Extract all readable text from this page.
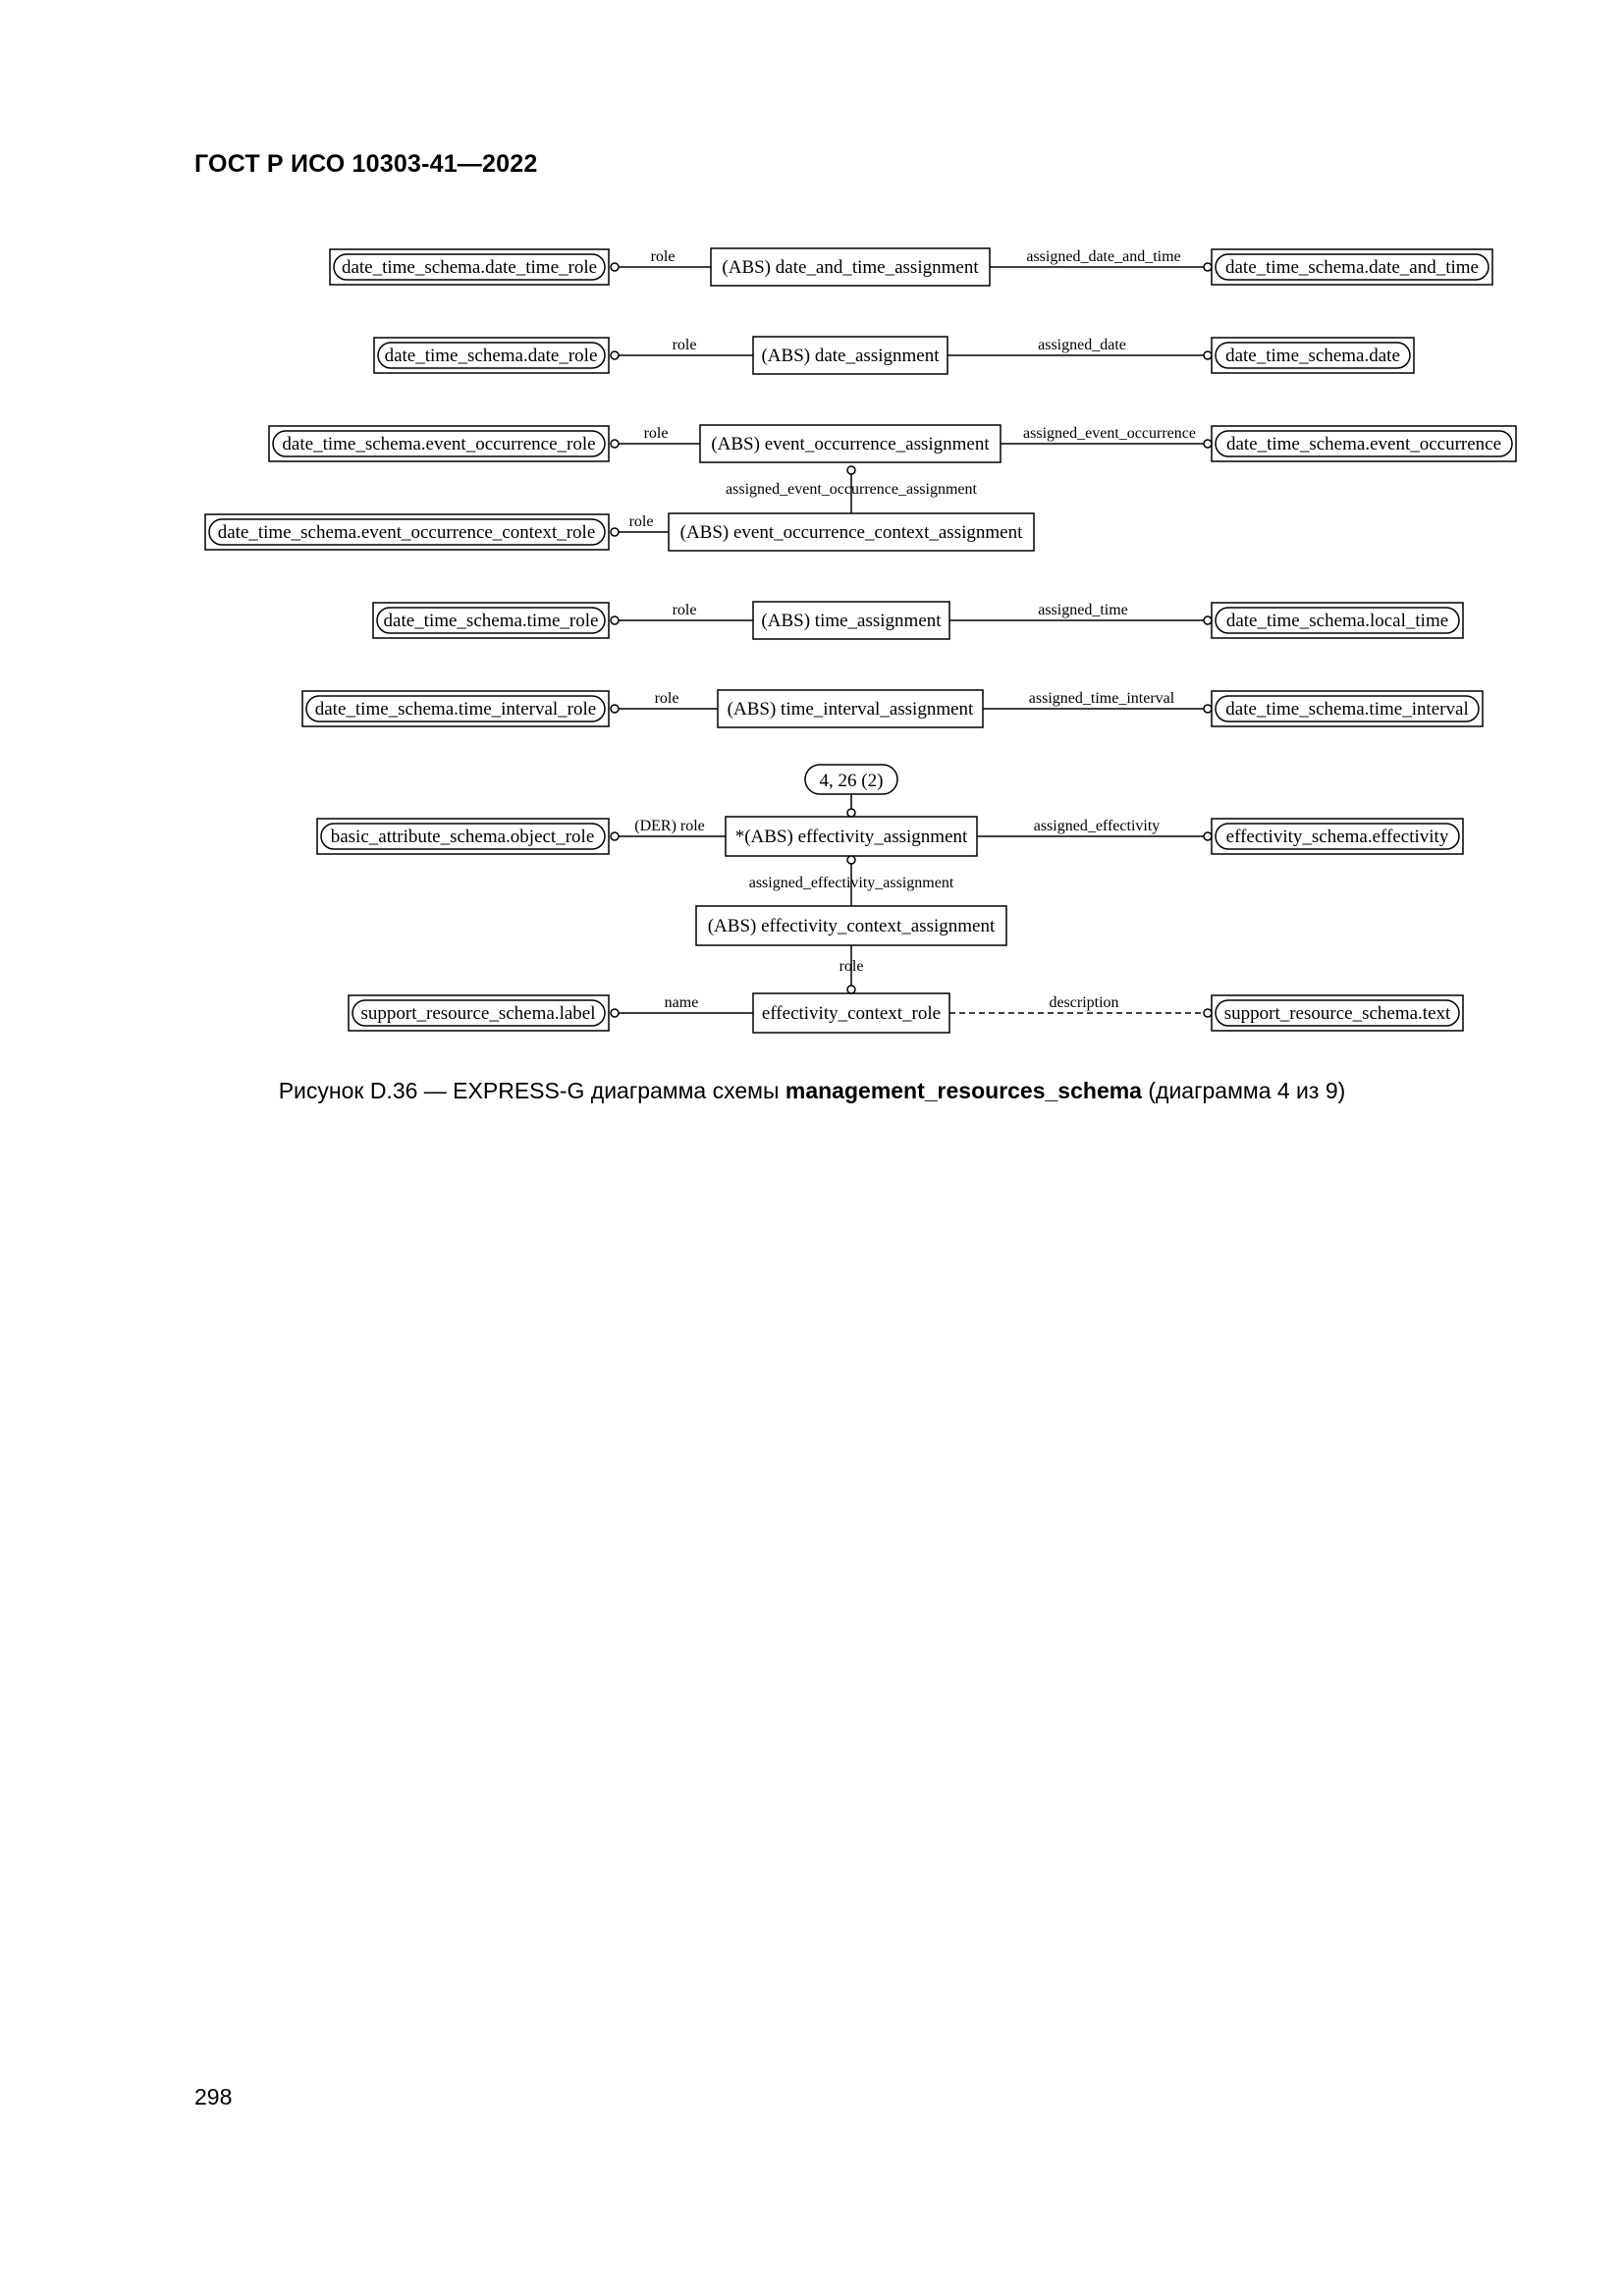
ГОСТ Р ИСО 10303-41—2022
date_time_schema.date_time_role
role
(ABS) date_and_time_assignment
assigned_date_and_time
date_time_schema.date_and_time
date_time_schema.date_role
role
(ABS) date_assignment
assigned_date
date_time_schema.date
date_time_schema.event_occurrence_role
role
(ABS) event_occurrence_assignment
assigned_event_occurrence
date_time_schema.event_occurrence
assigned_event_occurrence_assignment
date_time_schema.event_occurrence_context_role
role
(ABS) event_occurrence_context_assignment
date_time_schema.time_role
role
(ABS) time_assignment
assigned_time
date_time_schema.local_time
date_time_schema.time_interval_role
role
(ABS) time_interval_assignment
assigned_time_interval
date_time_schema.time_interval
4, 26 (2)
basic_attribute_schema.object_role
(DER) role
*(ABS) effectivity_assignment
assigned_effectivity
effectivity_schema.effectivity
assigned_effectivity_assignment
(ABS) effectivity_context_assignment
role
effectivity_context_role
support_resource_schema.label
name	description
support_resource_schema.text
Рисунок D.36 — EXPRESS-G диаграмма схемы management_resources_schema (диаграмма 4 из 9)
298
